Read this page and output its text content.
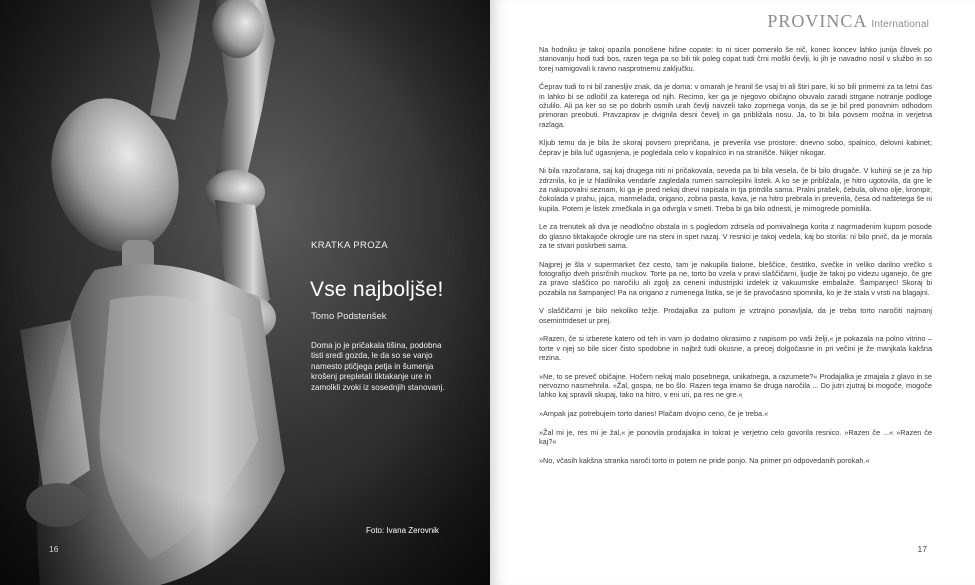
KRATKA PROZA
Vse najboljše!
Tomo Podstenšek

Doma jo je pričakala tišina, podobna tisti sredi gozda, le da so se vanjo namesto ptičjega petja in šumenja krošenj prepletali tiktakanje ure in zamolkli zvoki iz sosednjih stanovanj.

Foto: Ivana Zerovnik
16
PROVINCA International

Na hodniku je takoj opazila ponošene hišne copate: to ni sicer pomenilo še nič, konec koncev lahko junija človek po stanovanju hodi tudi bos, razen tega pa so bili tik poleg copat tudi črni moški čevlji, ki jih je navadno nosil v službo in so torej namigovali k ravno nasprotnemu zaključku.

Čeprav tudi to ni bil zanesljiv znak, da je doma: v omarah je hranil še vsaj tri ali štiri pare, ki so bili primerni za ta letni čas in lahko bi se odločil za katerega od njih. Recimo, ker ga je njegovo običajno obuvalo zaradi strgane notranje podloge ožulilo. Ali pa ker so se po dobrih osmih urah čevlji navzeli tako zoprnega vonja, da se je bil pred ponovnim odhodom primoran preobuti. Pravzaprav je dvignila desni čevelj in ga približala nosu. Ja, to bi bila povsem možna in verjetna razlaga.

Kljub temu da je bila že skoraj povsem prepričana, je preverila vse prostore: dnevno sobo, spalnico, delovni kabinet; čeprav je bila luč ugasnjena, je pogledala celo v kopalnico in na stranišče. Nikjer nikogar.

Ni bila razočarana, saj kaj drugega niti ni pričakovala, seveda pa bi bila vesela, če bi bilo drugače. V kuhinji se je za hip zdrznila, ko je iz hladilnika vendarle zagledala rumen samolepilni listek. A ko se je približala, je hitro ugotovila, da gre le za nakupovalni seznam, ki ga je pred nekaj dnevi napisala in tja pritrdila sama. Pralni prašek, čebula, olivno olje, krompir, čokolada v prahu, jajca, marmelada, origano, zobna pasta, kava, je na hitro prebrala in preverila, česa od naštetega še ni kupila. Potem je listek zmečkala in ga odvrgla v smeti. Treba bi ga bilo odnesti, je mimogrede pomislila.

Le za trenutek ali dva je neodločno obstala in s pogledom zdrsela od pomivalnega korita z nagrmadenim kupom posode do glasno tiktakajoče okrogle ure na steni in spet nazaj. V resnici je takoj vedela, kaj bo storila: ni bilo prvič, da je morala za te stvari poskrbeti sama.

Najprej je šla v supermarket čez cesto, tam je nakupila balone, bleščice, čestitko, svečke in veliko darilno vrečko s fotografijo dveh prisrčnih muckov. Torte pa ne, torto bo vzela v pravi slaščičarni, ljudje že takoj po videzu uganejo, če gre za pravo slaščico po naročilu ali zgolj za ceneni industrijski izdelek iz vakuumske embalaže. Šampanjec! Skoraj bi pozabila na šampanjec! Pa na origano z rumenega listka, se je še pravočasno spomnila, ko je že stala v vrsti na blagajni.

V slaščičarni je bilo nekoliko težje. Prodajalka za pultom je vztrajno ponavljala, da je treba torto naročiti najmanj osemintrideset ur prej.

»Razen, če si izberete katero od teh in vam jo dodatno okrasimo z napisom po vaši želji,« je pokazala na polno vitrino – torte v njej so bile sicer čisto spodobne in najbrž tudi okusne, a precej dolgočasne in pri večini je že manjkala kakšna rezina.

»Ne, to se preveč običajne. Hočem nekaj malo posebnega, unikatnega, a razumete?« Prodajalka je zmajala z glavo in se nervozno nasmehnila. »Žal, gospa, ne bo šlo. Razen tega imamo še druga naročila ... Do jutri zjutraj bi mogoče, mogoče lahko kaj spravili skupaj, tako na hitro, v eni uri, pa res ne gre.«

»Ampak jaz potrebujem torto danes! Plačam dvojno ceno, če je treba.«

»Žal mi je, res mi je žal,« je ponovila prodajalka in tokrat je verjetno celo govorila resnico. »Razen če ...« »Razen če kaj?«

»No, včasih kakšna stranka naroči torto in potem ne pride ponjo. Na primer pri odpovedanih porokah.«

17
